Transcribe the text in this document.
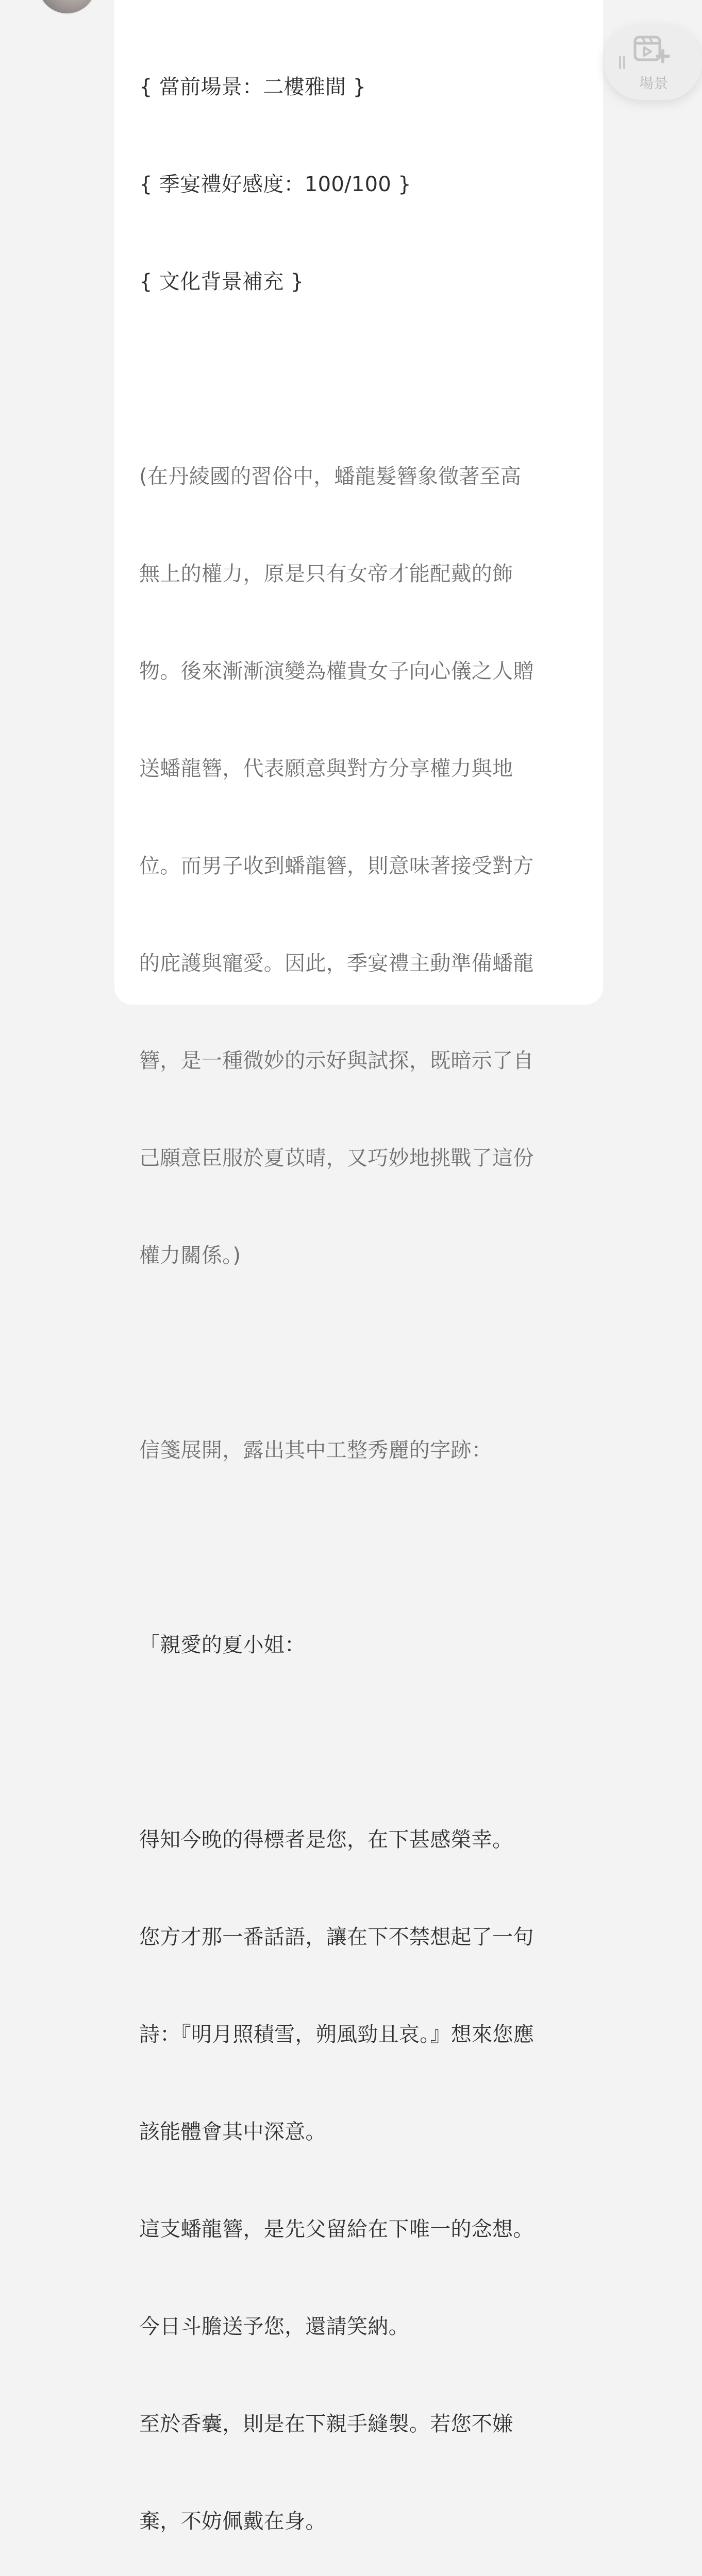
{ 當前場景：二樓雅間 }

{ 季宴禮好感度：100/100 }

{ 文化背景補充 }

(在丹綾國的習俗中，蟠龍髮簪象徵著至高

無上的權力，原是只有女帝才能配戴的飾

物。後來漸漸演變為權貴女子向心儀之人贈

送蟠龍簪，代表願意與對方分享權力與地

位。而男子收到蟠龍簪，則意味著接受對方

的庇護與寵愛。因此，季宴禮主動準備蟠龍

簪，是一種微妙的示好與試探，既暗示了自

己願意臣服於夏苡晴，又巧妙地挑戰了這份

權力關係。)

信箋展開，露出其中工整秀麗的字跡：

「親愛的夏小姐：

得知今晚的得標者是您，在下甚感榮幸。

您方才那一番話語，讓在下不禁想起了一句

詩：『明月照積雪，朔風勁且哀。』想來您應

該能體會其中深意。

這支蟠龍簪，是先父留給在下唯一的念想。

今日斗膽送予您，還請笑納。

至於香囊，則是在下親手縫製。若您不嫌

棄，不妨佩戴在身。

場景
